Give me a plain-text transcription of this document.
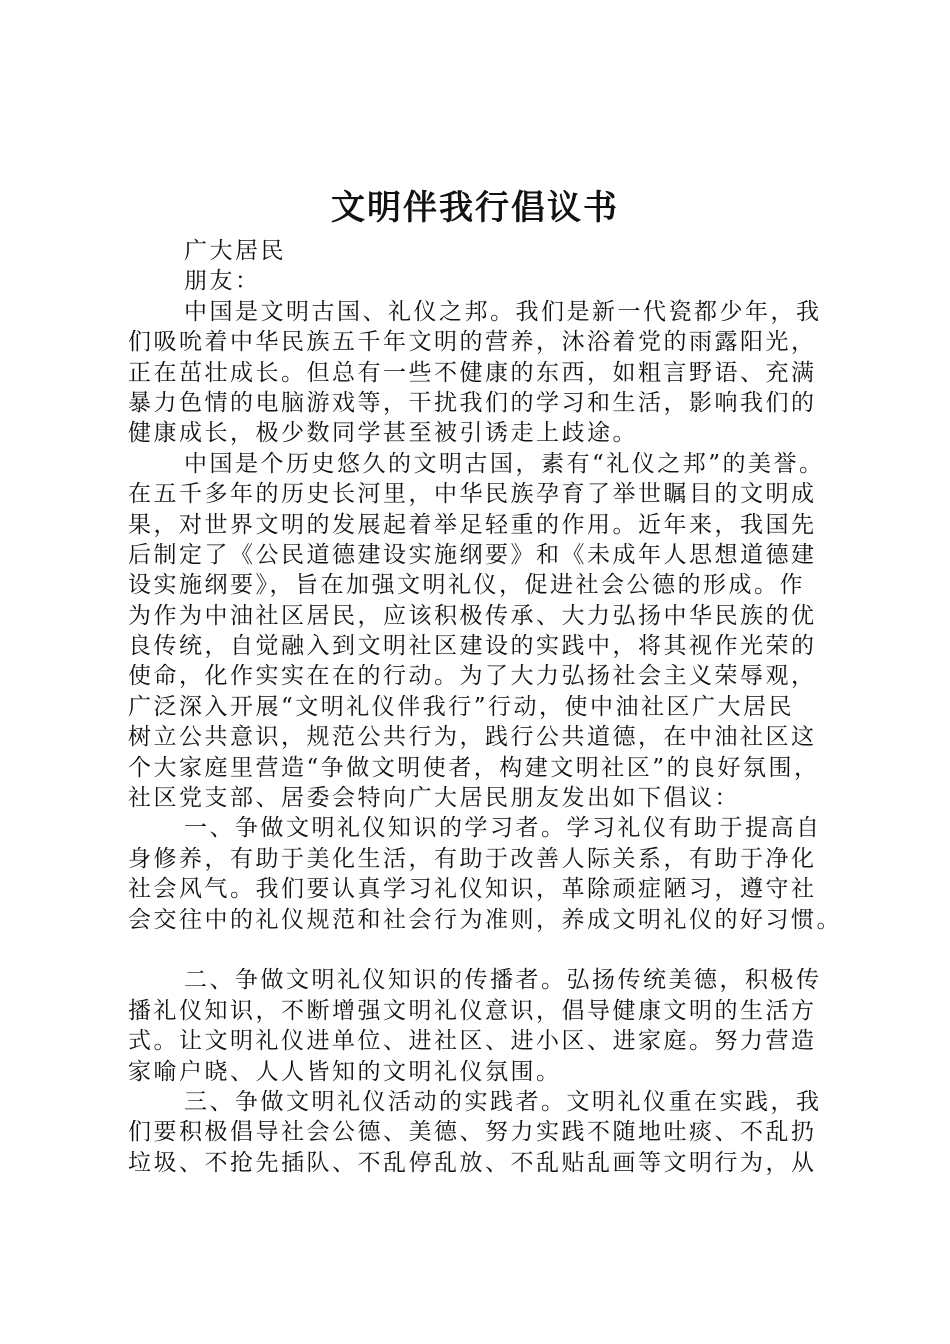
文明伴我行倡议书
广大居民
朋友：
中国是文明古国、礼仪之邦。我们是新一代瓷都少年，我
们吸吮着中华民族五千年文明的营养，沐浴着党的雨露阳光，
正在茁壮成长。但总有一些不健康的东西，如粗言野语、充满
暴力色情的电脑游戏等，干扰我们的学习和生活，影响我们的
健康成长，极少数同学甚至被引诱走上歧途。
中国是个历史悠久的文明古国，素有“礼仪之邦”的美誉。
在五千多年的历史长河里，中华民族孕育了举世瞩目的文明成
果，对世界文明的发展起着举足轻重的作用。近年来，我国先
后制定了《公民道德建设实施纲要》和《未成年人思想道德建
设实施纲要》，旨在加强文明礼仪，促进社会公德的形成。作
为作为中油社区居民，应该积极传承、大力弘扬中华民族的优
良传统，自觉融入到文明社区建设的实践中，将其视作光荣的
使命，化作实实在在的行动。为了大力弘扬社会主义荣辱观，
广泛深入开展“文明礼仪伴我行”行动，使中油社区广大居民
树立公共意识，规范公共行为，践行公共道德，在中油社区这
个大家庭里营造“争做文明使者，构建文明社区”的良好氛围，
社区党支部、居委会特向广大居民朋友发出如下倡议：
一、争做文明礼仪知识的学习者。学习礼仪有助于提高自
身修养，有助于美化生活，有助于改善人际关系，有助于净化
社会风气。我们要认真学习礼仪知识，革除顽症陋习，遵守社
会交往中的礼仪规范和社会行为准则，养成文明礼仪的好习惯。
二、争做文明礼仪知识的传播者。弘扬传统美德，积极传
播礼仪知识，不断增强文明礼仪意识，倡导健康文明的生活方
式。让文明礼仪进单位、进社区、进小区、进家庭。努力营造
家喻户晓、人人皆知的文明礼仪氛围。
三、争做文明礼仪活动的实践者。文明礼仪重在实践，我
们要积极倡导社会公德、美德、努力实践不随地吐痰、不乱扔
垃圾、不抢先插队、不乱停乱放、不乱贴乱画等文明行为，从
